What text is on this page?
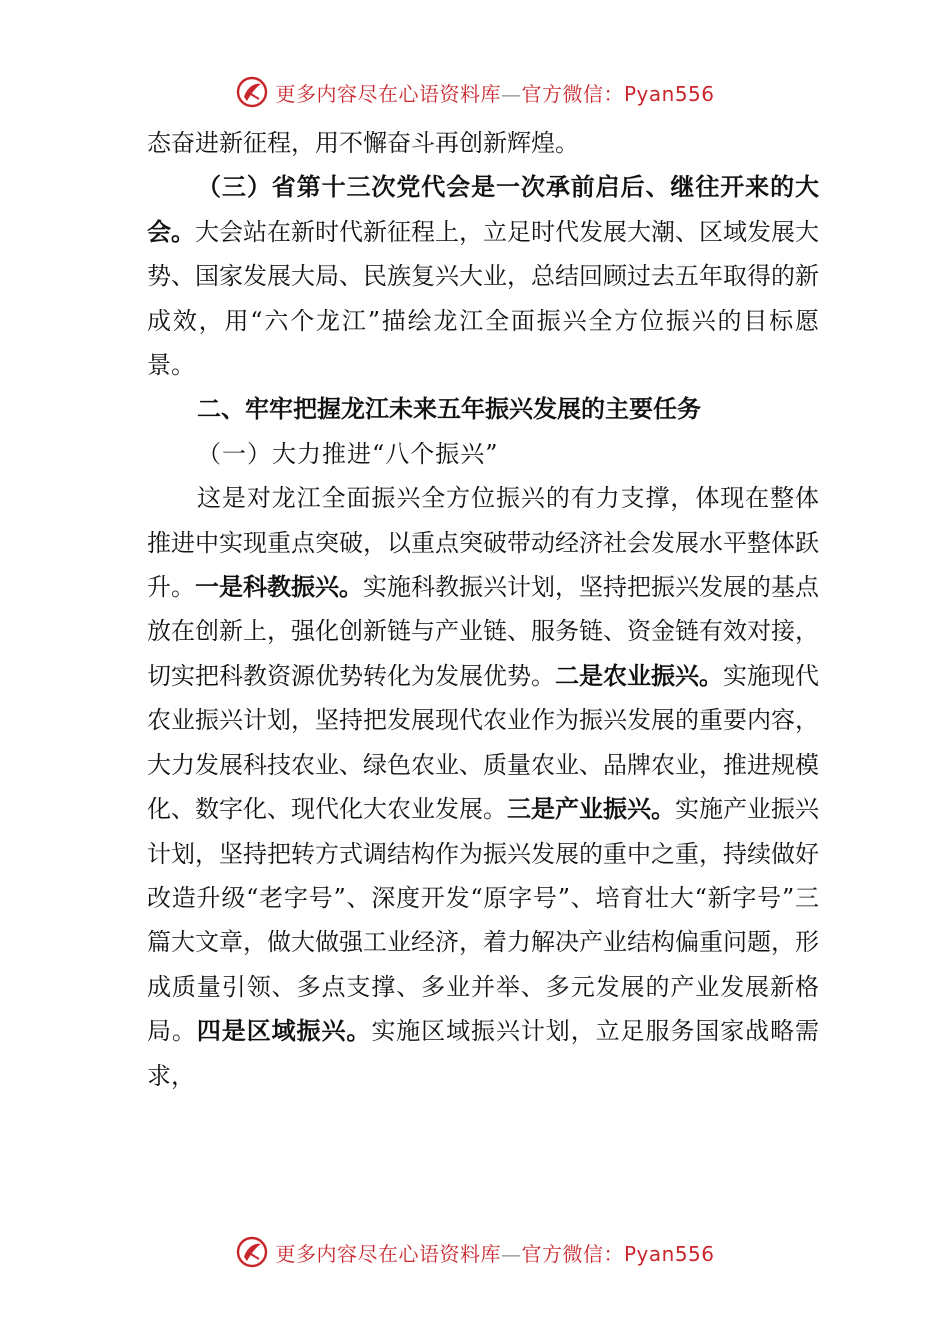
更多内容尽在心语资料库—官方微信：Pyan556

态奋进新征程，用不懈奋斗再创新辉煌。

（三）省第十三次党代会是一次承前启后、继往开来的大会。大会站在新时代新征程上，立足时代发展大潮、区域发展大势、国家发展大局、民族复兴大业，总结回顾过去五年取得的新成效，用“六个龙江”描绘龙江全面振兴全方位振兴的目标愿景。

二、牢牢把握龙江未来五年振兴发展的主要任务

（一）大力推进“八个振兴”

这是对龙江全面振兴全方位振兴的有力支撑，体现在整体推进中实现重点突破，以重点突破带动经济社会发展水平整体跃升。一是科教振兴。实施科教振兴计划，坚持把振兴发展的基点放在创新上，强化创新链与产业链、服务链、资金链有效对接，切实把科教资源优势转化为发展优势。二是农业振兴。实施现代农业振兴计划，坚持把发展现代农业作为振兴发展的重要内容，大力发展科技农业、绿色农业、质量农业、品牌农业，推进规模化、数字化、现代化大农业发展。三是产业振兴。实施产业振兴计划，坚持把转方式调结构作为振兴发展的重中之重，持续做好改造升级“老字号”、深度开发“原字号”、培育壮大“新字号”三篇大文章，做大做强工业经济，着力解决产业结构偏重问题，形成质量引领、多点支撑、多业并举、多元发展的产业发展新格局。四是区域振兴。实施区域振兴计划，立足服务国家战略需求，

更多内容尽在心语资料库—官方微信：Pyan556
